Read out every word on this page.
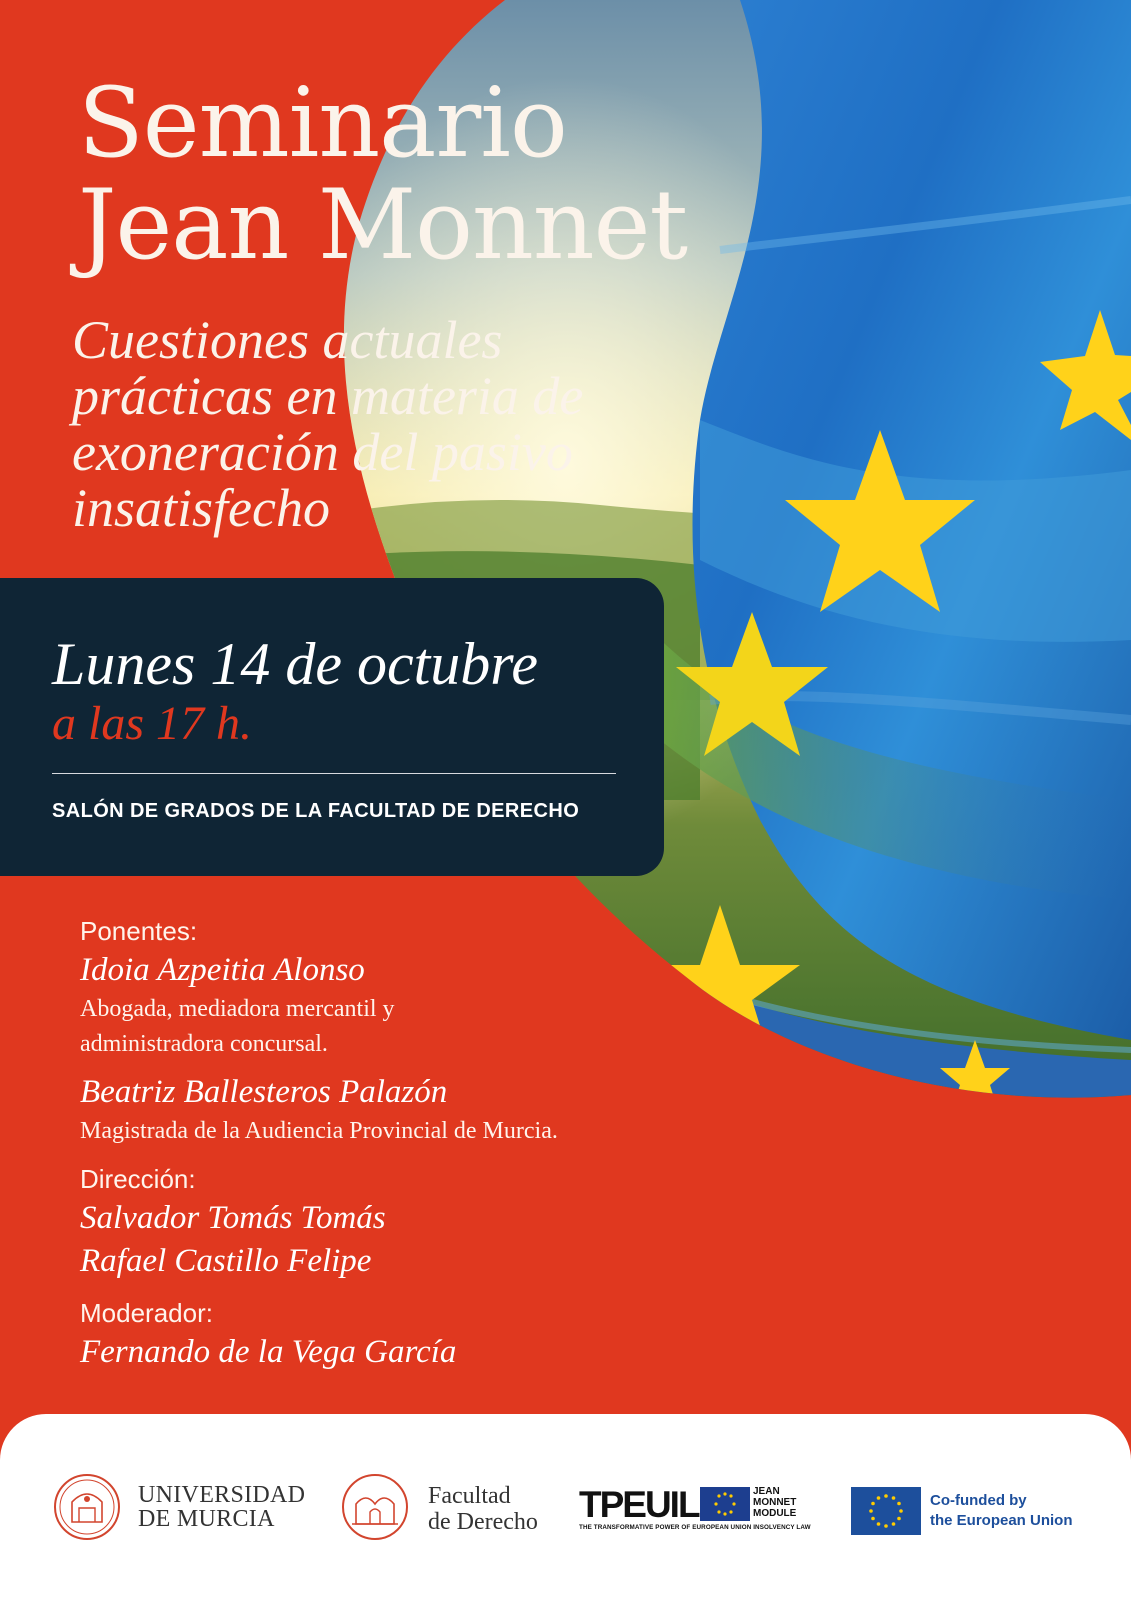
Seminario
Jean Monnet
Cuestiones actuales
prácticas en materia de
exoneración del pasivo
insatisfecho
Lunes 14 de octubre
a las 17 h.
SALÓN DE GRADOS DE LA FACULTAD DE DERECHO
Ponentes:
Idoia Azpeitia Alonso
Abogada, mediadora mercantil y
administradora concursal.
Beatriz Ballesteros Palazón
Magistrada de la Audiencia Provincial de Murcia.
Dirección:
Salvador Tomás Tomás
Rafael Castillo Felipe
Moderador:
Fernando de la Vega García
UNIVERSIDAD
DE MURCIA
Facultad
de Derecho TPEUIL	JEAN
MONNET
MODULE
THE TRANSFORMATIVE POWER OF EUROPEAN UNION INSOLVENCY LAW
Co-funded by
the European Union
